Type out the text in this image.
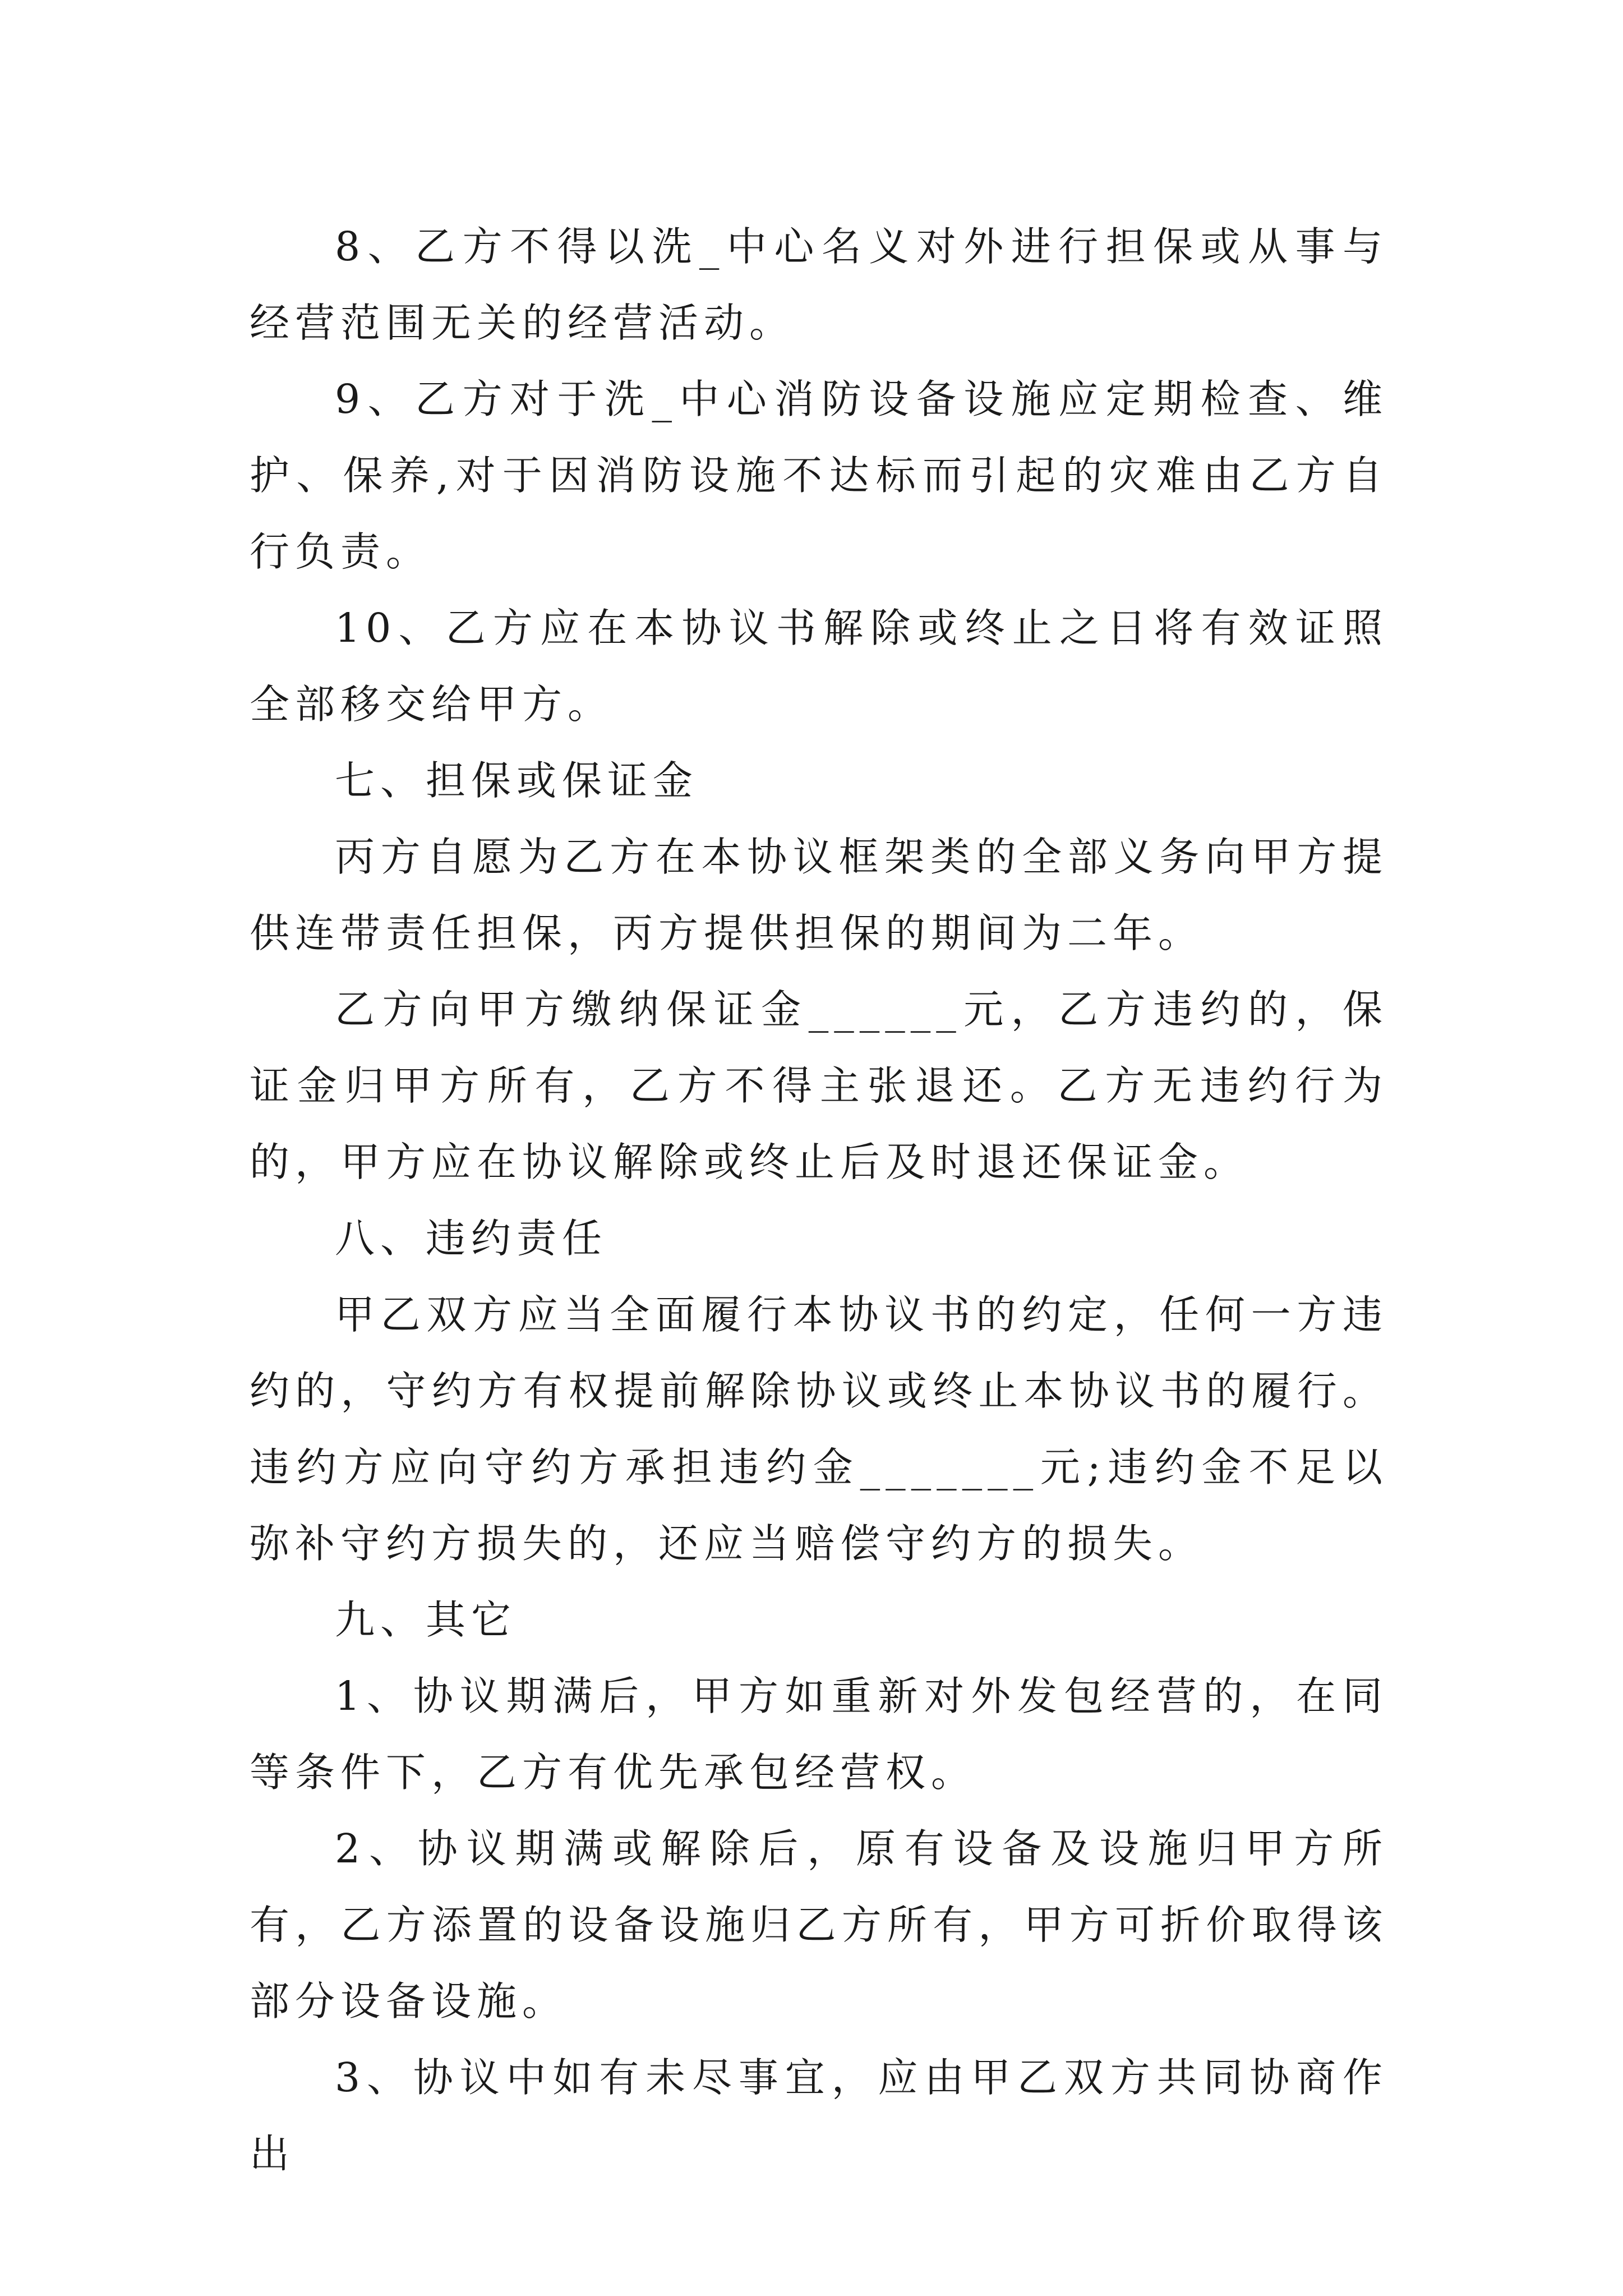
8、乙方不得以洗_中心名义对外进行担保或从事与经营范围无关的经营活动。

9、乙方对于洗_中心消防设备设施应定期检查、维护、保养,对于因消防设施不达标而引起的灾难由乙方自行负责。

10、乙方应在本协议书解除或终止之日将有效证照全部移交给甲方。

七、担保或保证金

丙方自愿为乙方在本协议框架类的全部义务向甲方提供连带责任担保，丙方提供担保的期间为二年。

乙方向甲方缴纳保证金______元，乙方违约的，保证金归甲方所有，乙方不得主张退还。乙方无违约行为的，甲方应在协议解除或终止后及时退还保证金。

八、违约责任

甲乙双方应当全面履行本协议书的约定，任何一方违约的，守约方有权提前解除协议或终止本协议书的履行。违约方应向守约方承担违约金_______元;违约金不足以弥补守约方损失的，还应当赔偿守约方的损失。

九、其它

1、协议期满后，甲方如重新对外发包经营的，在同等条件下，乙方有优先承包经营权。

2、协议期满或解除后，原有设备及设施归甲方所有，乙方添置的设备设施归乙方所有，甲方可折价取得该部分设备设施。

3、协议中如有未尽事宜，应由甲乙双方共同协商作出
